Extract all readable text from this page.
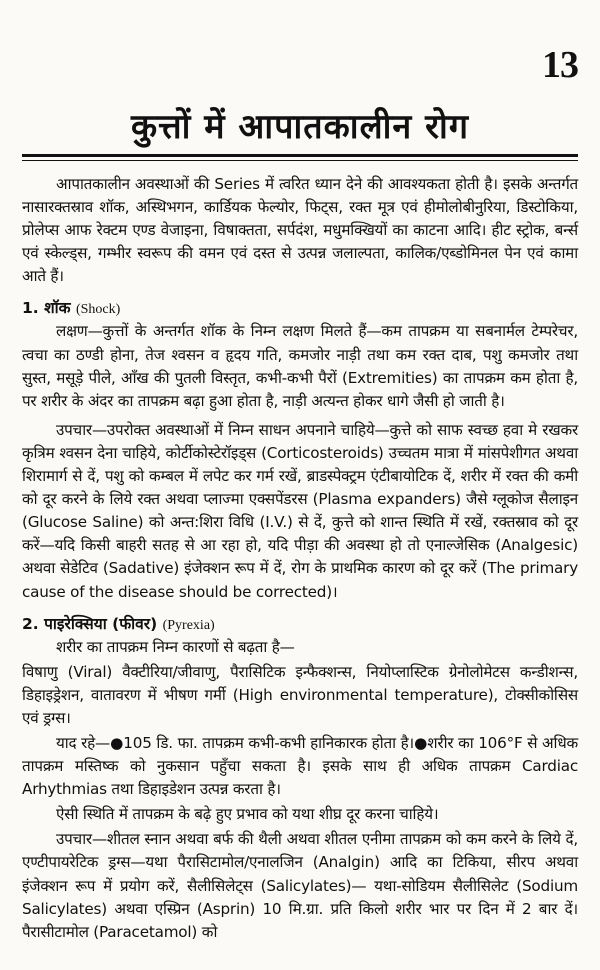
13
कुत्तों में आपातकालीन रोग

आपातकालीन अवस्थाओं की Series में त्वरित ध्यान देने की आवश्यकता होती है। इसके अन्तर्गत नासारक्तस्राव शॉक, अस्थिभगन, कार्डियक फेल्योर, फिट्स, रक्त मूत्र एवं हीमोलोबीनुरिया, डिस्टोकिया, प्रोलेप्स आफ रेक्टम एण्ड वेजाइना, विषाक्तता, सर्पदंश, मधुमक्खियों का काटना आदि। हीट स्ट्रोक, बर्न्स एवं स्केल्ड्स, गम्भीर स्वरूप की वमन एवं दस्त से उत्पन्न जलाल्पता, कालिक/एब्डोमिनल पेन एवं कामा आते हैं।

1. शॉक (Shock)

लक्षण—कुत्तों के अन्तर्गत शॉक के निम्न लक्षण मिलते हैं—कम तापक्रम या सबनार्मल टेम्परेचर, त्वचा का ठण्डी होना, तेज श्वसन व हृदय गति, कमजोर नाड़ी तथा कम रक्त दाब, पशु कमजोर तथा सुस्त, मसूड़े पीले, आँख की पुतली विस्तृत, कभी-कभी पैरों (Extremities) का तापक्रम कम होता है, पर शरीर के अंदर का तापक्रम बढ़ा हुआ होता है, नाड़ी अत्यन्त होकर धागे जैसी हो जाती है।

उपचार—उपरोक्त अवस्थाओं में निम्न साधन अपनाने चाहिये—कुत्ते को साफ स्वच्छ हवा मे रखकर कृत्रिम श्वसन देना चाहिये, कोर्टीकोस्टेरॉइड्स (Corticosteroids) उच्चतम मात्रा में मांसपेशीगत अथवा शिरामार्ग से दें, पशु को कम्बल में लपेट कर गर्म रखें, ब्राडस्पेक्ट्रम एंटीबायोटिक दें, शरीर में रक्त की कमी को दूर करने के लिये रक्त अथवा प्लाज्मा एक्सपेंडरस (Plasma expanders) जैसे ग्लूकोज सैलाइन (Glucose Saline) को अन्त:शिरा विधि (I.V.) से दें, कुत्ते को शान्त स्थिति में रखें, रक्तस्राव को दूर करें—यदि किसी बाहरी सतह से आ रहा हो, यदि पीड़ा की अवस्था हो तो एनाल्जेसिक (Analgesic) अथवा सेडेटिव (Sadative) इंजेक्शन रूप में दें, रोग के प्राथमिक कारण को दूर करें (The primary cause of the disease should be corrected)।

2. पाइरेक्सिया (फीवर) (Pyrexia)

शरीर का तापक्रम निम्न कारणों से बढ़ता है—

विषाणु (Viral) वैक्टीरिया/जीवाणु, पैरासिटिक इन्फैक्शन्स, नियोप्लास्टिक ग्रेनोलोमेटस कन्डीशन्स, डिहाइड्रेशन, वातावरण में भीषण गर्मी (High environmental temperature), टोक्सीकोसिस एवं ड्रग्स।

याद रहे—●105 डि. फा. तापक्रम कभी-कभी हानिकारक होता है।●शरीर का 106°F से अधिक तापक्रम मस्तिष्क को नुकसान पहुँचा सकता है। इसके साथ ही अधिक तापक्रम Cardiac Arhythmias तथा डिहाइडेशन उत्पन्न करता है।

ऐसी स्थिति में तापक्रम के बढ़े हुए प्रभाव को यथा शीघ्र दूर करना चाहिये।

उपचार—शीतल स्नान अथवा बर्फ की थैली अथवा शीतल एनीमा तापक्रम को कम करने के लिये दें, एण्टीपायरेटिक ड्रग्स—यथा पैरासिटामोल/एनालजिन (Analgin) आदि का टिकिया, सीरप अथवा इंजेक्शन रूप में प्रयोग करें, सैलीसिलेट्स (Salicylates)— यथा-सोडियम सैलीसिलेट (Sodium Salicylates) अथवा एस्प्रिन (Asprin) 10 मि.ग्रा. प्रति किलो शरीर भार पर दिन में 2 बार दें। पैरासीटामोल (Paracetamol) को
